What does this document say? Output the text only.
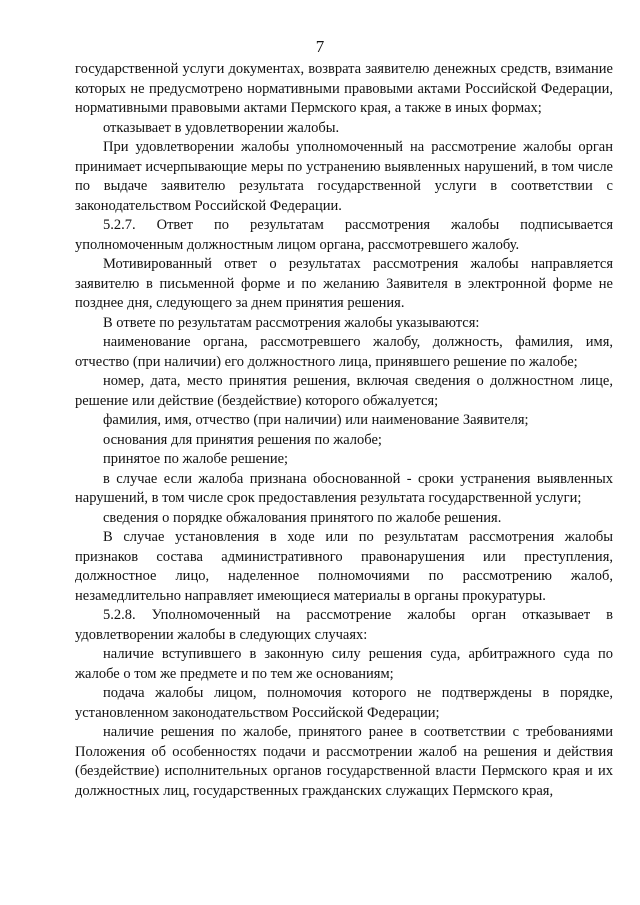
7

государственной услуги документах, возврата заявителю денежных средств, взимание которых не предусмотрено нормативными правовыми актами Российской Федерации, нормативными правовыми актами Пермского края, а также в иных формах;

отказывает в удовлетворении жалобы.

При удовлетворении жалобы уполномоченный на рассмотрение жалобы орган принимает исчерпывающие меры по устранению выявленных нарушений, в том числе по выдаче заявителю результата государственной услуги в соответствии с законодательством Российской Федерации.

5.2.7. Ответ по результатам рассмотрения жалобы подписывается уполномоченным должностным лицом органа, рассмотревшего жалобу.

Мотивированный ответ о результатах рассмотрения жалобы направляется заявителю в письменной форме и по желанию Заявителя в электронной форме не позднее дня, следующего за днем принятия решения.

В ответе по результатам рассмотрения жалобы указываются:

наименование органа, рассмотревшего жалобу, должность, фамилия, имя, отчество (при наличии) его должностного лица, принявшего решение по жалобе;

номер, дата, место принятия решения, включая сведения о должностном лице, решение или действие (бездействие) которого обжалуется;

фамилия, имя, отчество (при наличии) или наименование Заявителя;

основания для принятия решения по жалобе;

принятое по жалобе решение;

в случае если жалоба признана обоснованной - сроки устранения выявленных нарушений, в том числе срок предоставления результата государственной услуги;

сведения о порядке обжалования принятого по жалобе решения.

В случае установления в ходе или по результатам рассмотрения жалобы признаков состава административного правонарушения или преступления, должностное лицо, наделенное полномочиями по рассмотрению жалоб, незамедлительно направляет имеющиеся материалы в органы прокуратуры.

5.2.8. Уполномоченный на рассмотрение жалобы орган отказывает в удовлетворении жалобы в следующих случаях:

наличие вступившего в законную силу решения суда, арбитражного суда по жалобе о том же предмете и по тем же основаниям;

подача жалобы лицом, полномочия которого не подтверждены в порядке, установленном законодательством Российской Федерации;

наличие решения по жалобе, принятого ранее в соответствии с требованиями Положения об особенностях подачи и рассмотрении жалоб на решения и действия (бездействие) исполнительных органов государственной власти Пермского края и их должностных лиц, государственных гражданских служащих Пермского края,
